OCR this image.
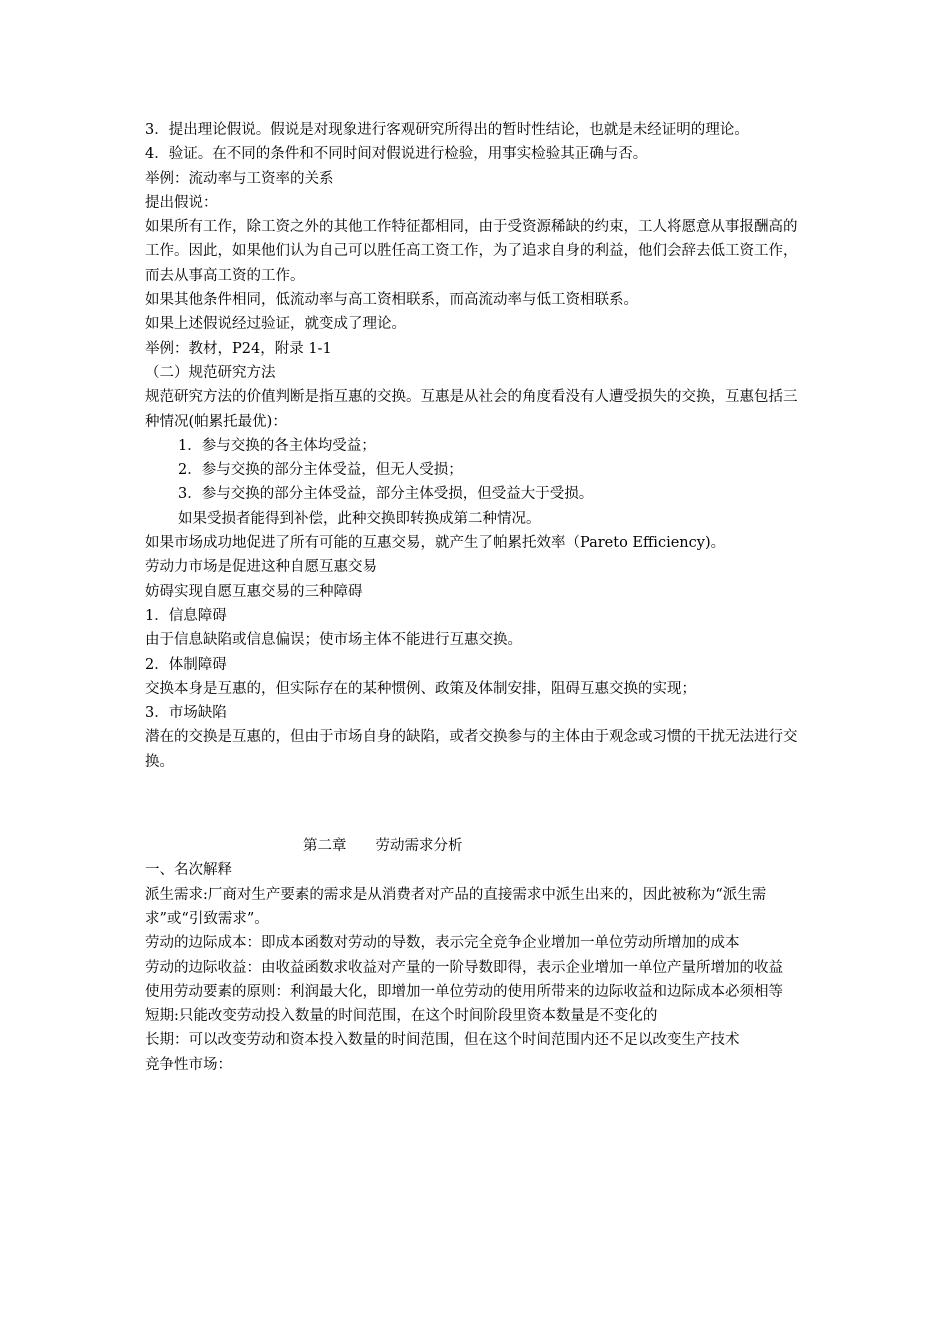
3．提出理论假说。假说是对现象进行客观研究所得出的暂时性结论，也就是未经证明的理论。

4．验证。在不同的条件和不同时间对假说进行检验，用事实检验其正确与否。

举例：流动率与工资率的关系

提出假说：

如果所有工作，除工资之外的其他工作特征都相同，由于受资源稀缺的约束，工人将愿意从事报酬高的工作。因此，如果他们认为自己可以胜任高工资工作，为了追求自身的利益，他们会辞去低工资工作，而去从事高工资的工作。

如果其他条件相同，低流动率与高工资相联系，而高流动率与低工资相联系。

如果上述假说经过验证，就变成了理论。

举例：教材，P24，附录 1-1

（二）规范研究方法

规范研究方法的价值判断是指互惠的交换。互惠是从社会的角度看没有人遭受损失的交换，互惠包括三种情况(帕累托最优)：

1．参与交换的各主体均受益；

2．参与交换的部分主体受益，但无人受损；

3．参与交换的部分主体受益，部分主体受损，但受益大于受损。

如果受损者能得到补偿，此种交换即转换成第二种情况。

如果市场成功地促进了所有可能的互惠交易，就产生了帕累托效率（Pareto Efficiency)。

劳动力市场是促进这种自愿互惠交易

妨碍实现自愿互惠交易的三种障碍

1．信息障碍

由于信息缺陷或信息偏误；使市场主体不能进行互惠交换。

2．体制障碍

交换本身是互惠的，但实际存在的某种惯例、政策及体制安排，阻碍互惠交换的实现；

3．市场缺陷

潜在的交换是互惠的，但由于市场自身的缺陷，或者交换参与的主体由于观念或习惯的干扰无法进行交换。

第二章　　劳动需求分析

一、名次解释

派生需求:厂商对生产要素的需求是从消费者对产品的直接需求中派生出来的，因此被称为“派生需求”或“引致需求”。

劳动的边际成本：即成本函数对劳动的导数，表示完全竞争企业增加一单位劳动所增加的成本

劳动的边际收益：由收益函数求收益对产量的一阶导数即得，表示企业增加一单位产量所增加的收益

使用劳动要素的原则：利润最大化，即增加一单位劳动的使用所带来的边际收益和边际成本必须相等

短期:只能改变劳动投入数量的时间范围，在这个时间阶段里资本数量是不变化的

长期：可以改变劳动和资本投入数量的时间范围，但在这个时间范围内还不足以改变生产技术

竞争性市场：
